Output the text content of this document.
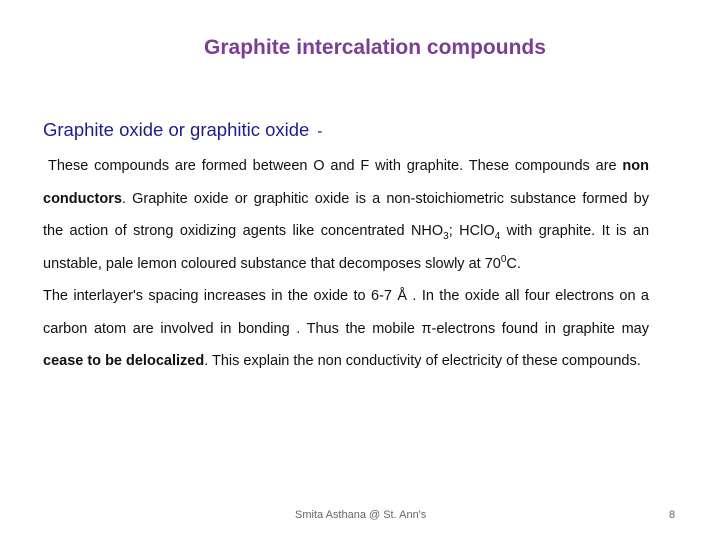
Graphite intercalation compounds
Graphite oxide or graphitic oxide -

These compounds are formed between O and F with graphite. These compounds are non conductors. Graphite oxide or graphitic oxide is a non-stoichiometric substance formed by the action of strong oxidizing agents like concentrated $NHO_3$; HClO$_4$ with graphite. It is an unstable, pale lemon coloured substance that decomposes slowly at $70^0C$.

The interlayer's spacing increases in the oxide to 6-7 Å . In the oxide all four electrons on a carbon atom are involved in bonding . Thus the mobile π-electrons found in graphite may cease to be delocalized. This explain the non conductivity of electricity of these compounds.

Smita Asthana @ St. Ann's	8
